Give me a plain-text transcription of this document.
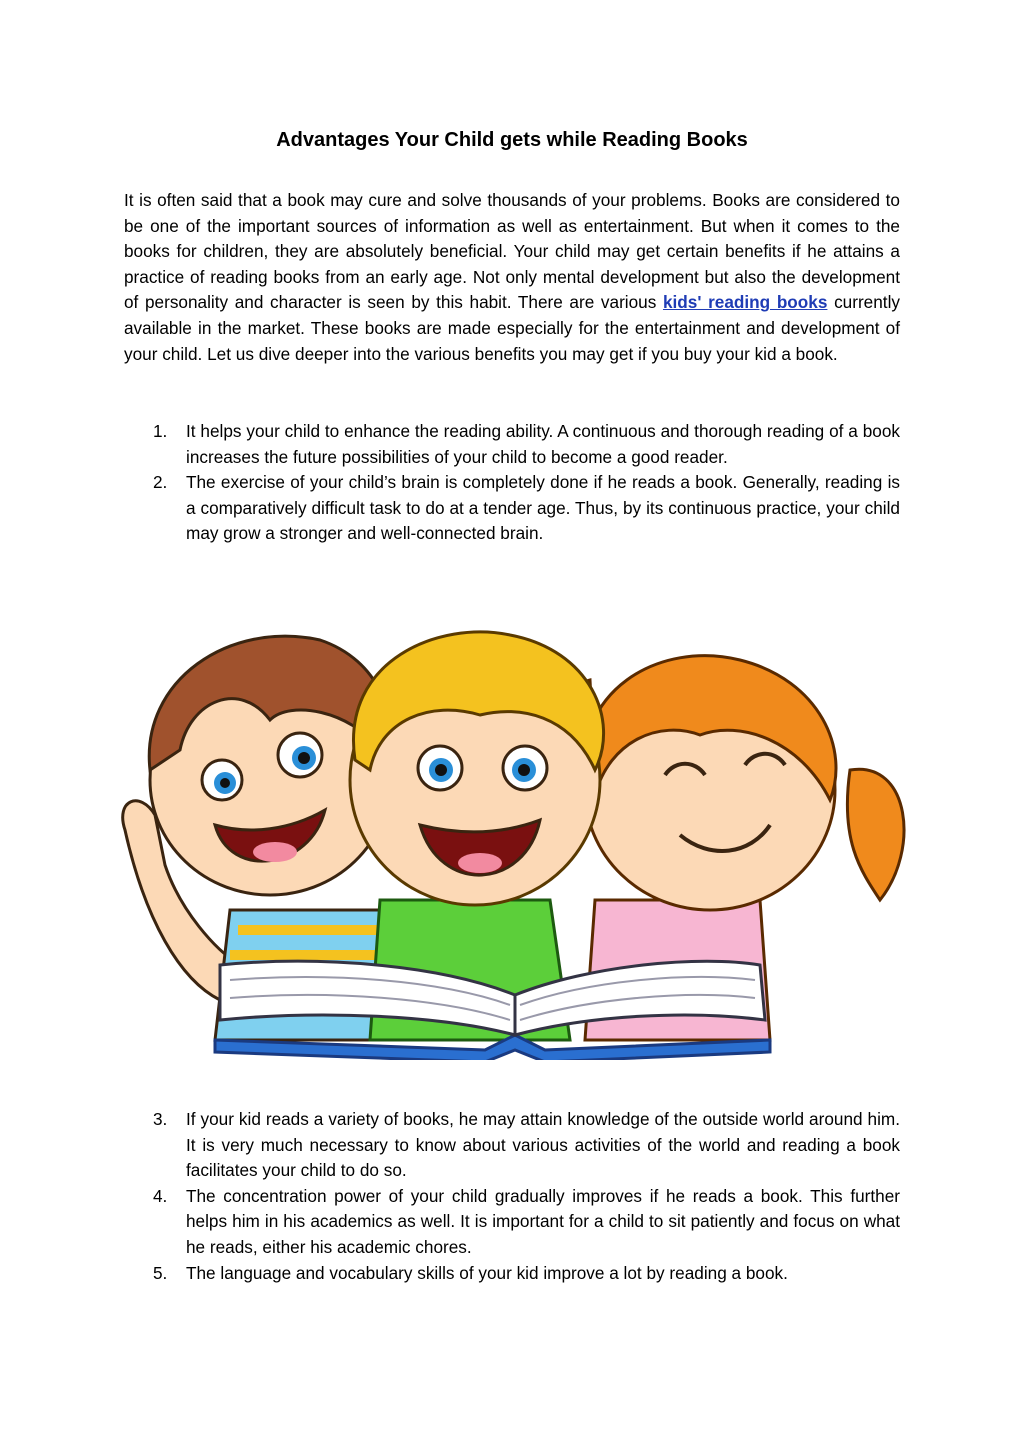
Advantages Your Child gets while Reading Books

It is often said that a book may cure and solve thousands of your problems. Books are considered to be one of the important sources of information as well as entertainment. But when it comes to the books for children, they are absolutely beneficial. Your child may get certain benefits if he attains a practice of reading books from an early age. Not only mental development but also the development of personality and character is seen by this habit. There are various kids' reading books currently available in the market. These books are made especially for the entertainment and development of your child. Let us dive deeper into the various benefits you may get if you buy your kid a book.

1. It helps your child to enhance the reading ability. A continuous and thorough reading of a book increases the future possibilities of your child to become a good reader.
2. The exercise of your child’s brain is completely done if he reads a book. Generally, reading is a comparatively difficult task to do at a tender age. Thus, by its continuous practice, your child may grow a stronger and well-connected brain.
3. If your kid reads a variety of books, he may attain knowledge of the outside world around him. It is very much necessary to know about various activities of the world and reading a book facilitates your child to do so.
4. The concentration power of your child gradually improves if he reads a book. This further helps him in his academics as well. It is important for a child to sit patiently and focus on what he reads, either his academic chores.
5. The language and vocabulary skills of your kid improve a lot by reading a book.
